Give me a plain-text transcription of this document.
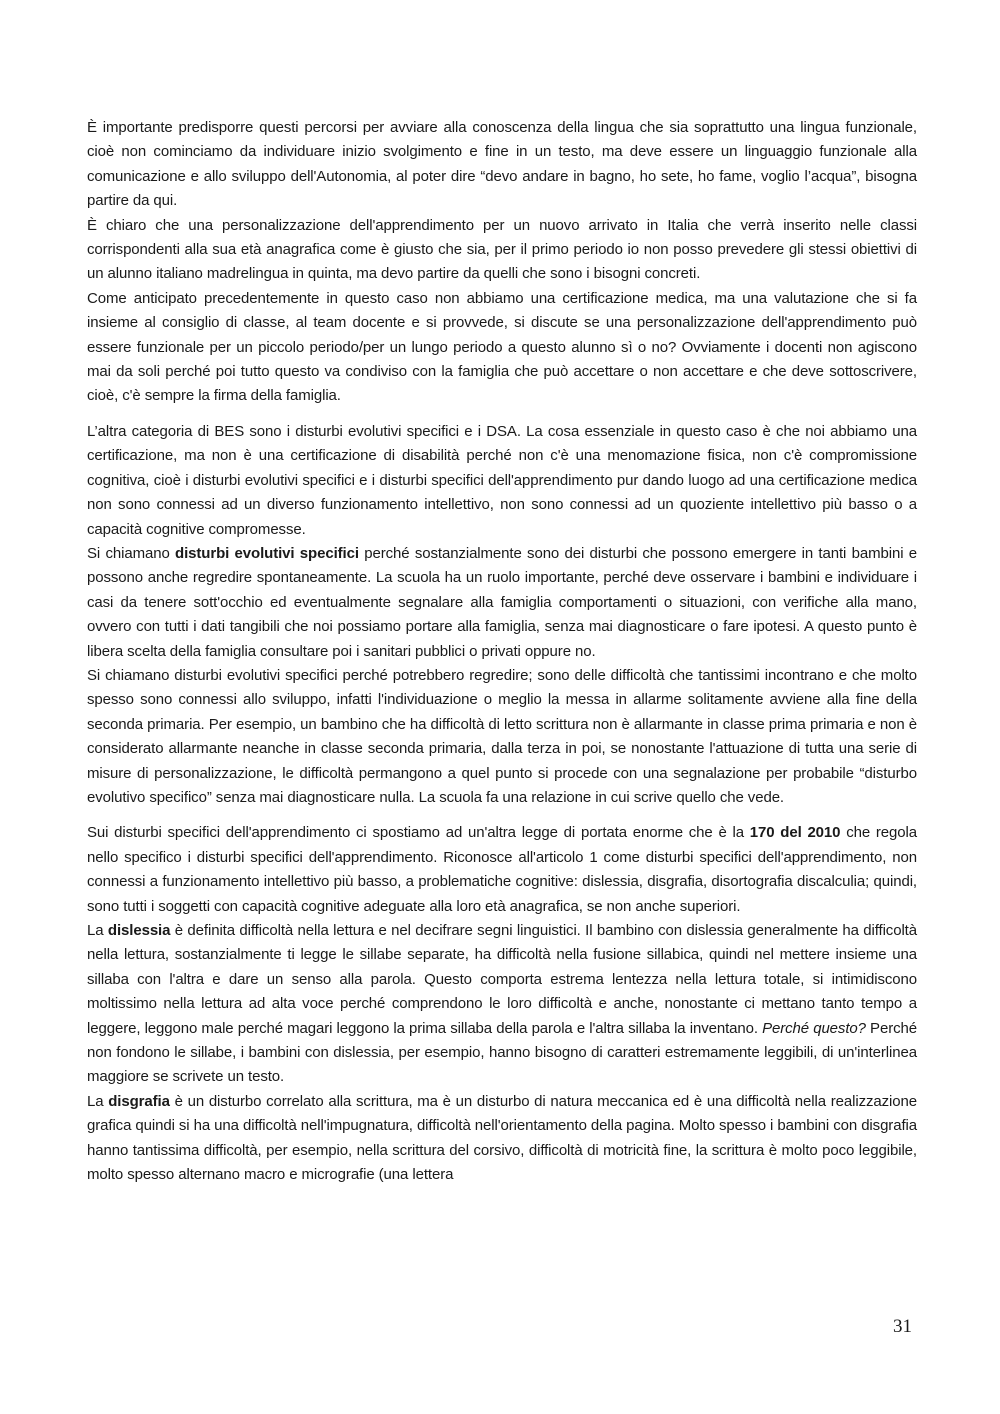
È importante predisporre questi percorsi per avviare alla conoscenza della lingua che sia soprattutto una lingua funzionale, cioè non cominciamo da individuare inizio svolgimento e fine in un testo, ma deve essere un linguaggio funzionale alla comunicazione e allo sviluppo dell'Autonomia, al poter dire “devo andare in bagno, ho sete, ho fame, voglio l’acqua”, bisogna partire da qui.

È chiaro che una personalizzazione dell'apprendimento per un nuovo arrivato in Italia che verrà inserito nelle classi corrispondenti alla sua età anagrafica come è giusto che sia, per il primo periodo io non posso prevedere gli stessi obiettivi di un alunno italiano madrelingua in quinta, ma devo partire da quelli che sono i bisogni concreti.

Come anticipato precedentemente in questo caso non abbiamo una certificazione medica, ma una valutazione che si fa insieme al consiglio di classe, al team docente e si provvede, si discute se una personalizzazione dell'apprendimento può essere funzionale per un piccolo periodo/per un lungo periodo a questo alunno sì o no? Ovviamente i docenti non agiscono mai da soli perché poi tutto questo va condiviso con la famiglia che può accettare o non accettare e che deve sottoscrivere, cioè, c'è sempre la firma della famiglia.

L’altra categoria di BES sono i disturbi evolutivi specifici e i DSA. La cosa essenziale in questo caso è che noi abbiamo una certificazione, ma non è una certificazione di disabilità perché non c'è una menomazione fisica, non c'è compromissione cognitiva, cioè i disturbi evolutivi specifici e i disturbi specifici dell'apprendimento pur dando luogo ad una certificazione medica non sono connessi ad un diverso funzionamento intellettivo, non sono connessi ad un quoziente intellettivo più basso o a capacità cognitive compromesse.

Si chiamano disturbi evolutivi specifici perché sostanzialmente sono dei disturbi che possono emergere in tanti bambini e possono anche regredire spontaneamente. La scuola ha un ruolo importante, perché deve osservare i bambini e individuare i casi da tenere sott'occhio ed eventualmente segnalare alla famiglia comportamenti o situazioni, con verifiche alla mano, ovvero con tutti i dati tangibili che noi possiamo portare alla famiglia, senza mai diagnosticare o fare ipotesi. A questo punto è libera scelta della famiglia consultare poi i sanitari pubblici o privati oppure no.

Si chiamano disturbi evolutivi specifici perché potrebbero regredire; sono delle difficoltà che tantissimi incontrano e che molto spesso sono connessi allo sviluppo, infatti l'individuazione o meglio la messa in allarme solitamente avviene alla fine della seconda primaria. Per esempio, un bambino che ha difficoltà di letto scrittura non è allarmante in classe prima primaria e non è considerato allarmante neanche in classe seconda primaria, dalla terza in poi, se nonostante l'attuazione di tutta una serie di misure di personalizzazione, le difficoltà permangono a quel punto si procede con una segnalazione per probabile “disturbo evolutivo specifico” senza mai diagnosticare nulla. La scuola fa una relazione in cui scrive quello che vede.

Sui disturbi specifici dell'apprendimento ci spostiamo ad un'altra legge di portata enorme che è la 170 del 2010 che regola nello specifico i disturbi specifici dell'apprendimento. Riconosce all'articolo 1 come disturbi specifici dell'apprendimento, non connessi a funzionamento intellettivo più basso, a problematiche cognitive: dislessia, disgrafia, disortografia discalculia; quindi, sono tutti i soggetti con capacità cognitive adeguate alla loro età anagrafica, se non anche superiori.

La dislessia è definita difficoltà nella lettura e nel decifrare segni linguistici. Il bambino con dislessia generalmente ha difficoltà nella lettura, sostanzialmente ti legge le sillabe separate, ha difficoltà nella fusione sillabica, quindi nel mettere insieme una sillaba con l'altra e dare un senso alla parola. Questo comporta estrema lentezza nella lettura totale, si intimidiscono moltissimo nella lettura ad alta voce perché comprendono le loro difficoltà e anche, nonostante ci mettano tanto tempo a leggere, leggono male perché magari leggono la prima sillaba della parola e l'altra sillaba la inventano. Perché questo? Perché non fondono le sillabe, i bambini con dislessia, per esempio, hanno bisogno di caratteri estremamente leggibili, di un'interlinea maggiore se scrivete un testo.

La disgrafia è un disturbo correlato alla scrittura, ma è un disturbo di natura meccanica ed è una difficoltà nella realizzazione grafica quindi si ha una difficoltà nell'impugnatura, difficoltà nell'orientamento della pagina. Molto spesso i bambini con disgrafia hanno tantissima difficoltà, per esempio, nella scrittura del corsivo, difficoltà di motricità fine, la scrittura è molto poco leggibile, molto spesso alternano macro e micrografie (una lettera

31
